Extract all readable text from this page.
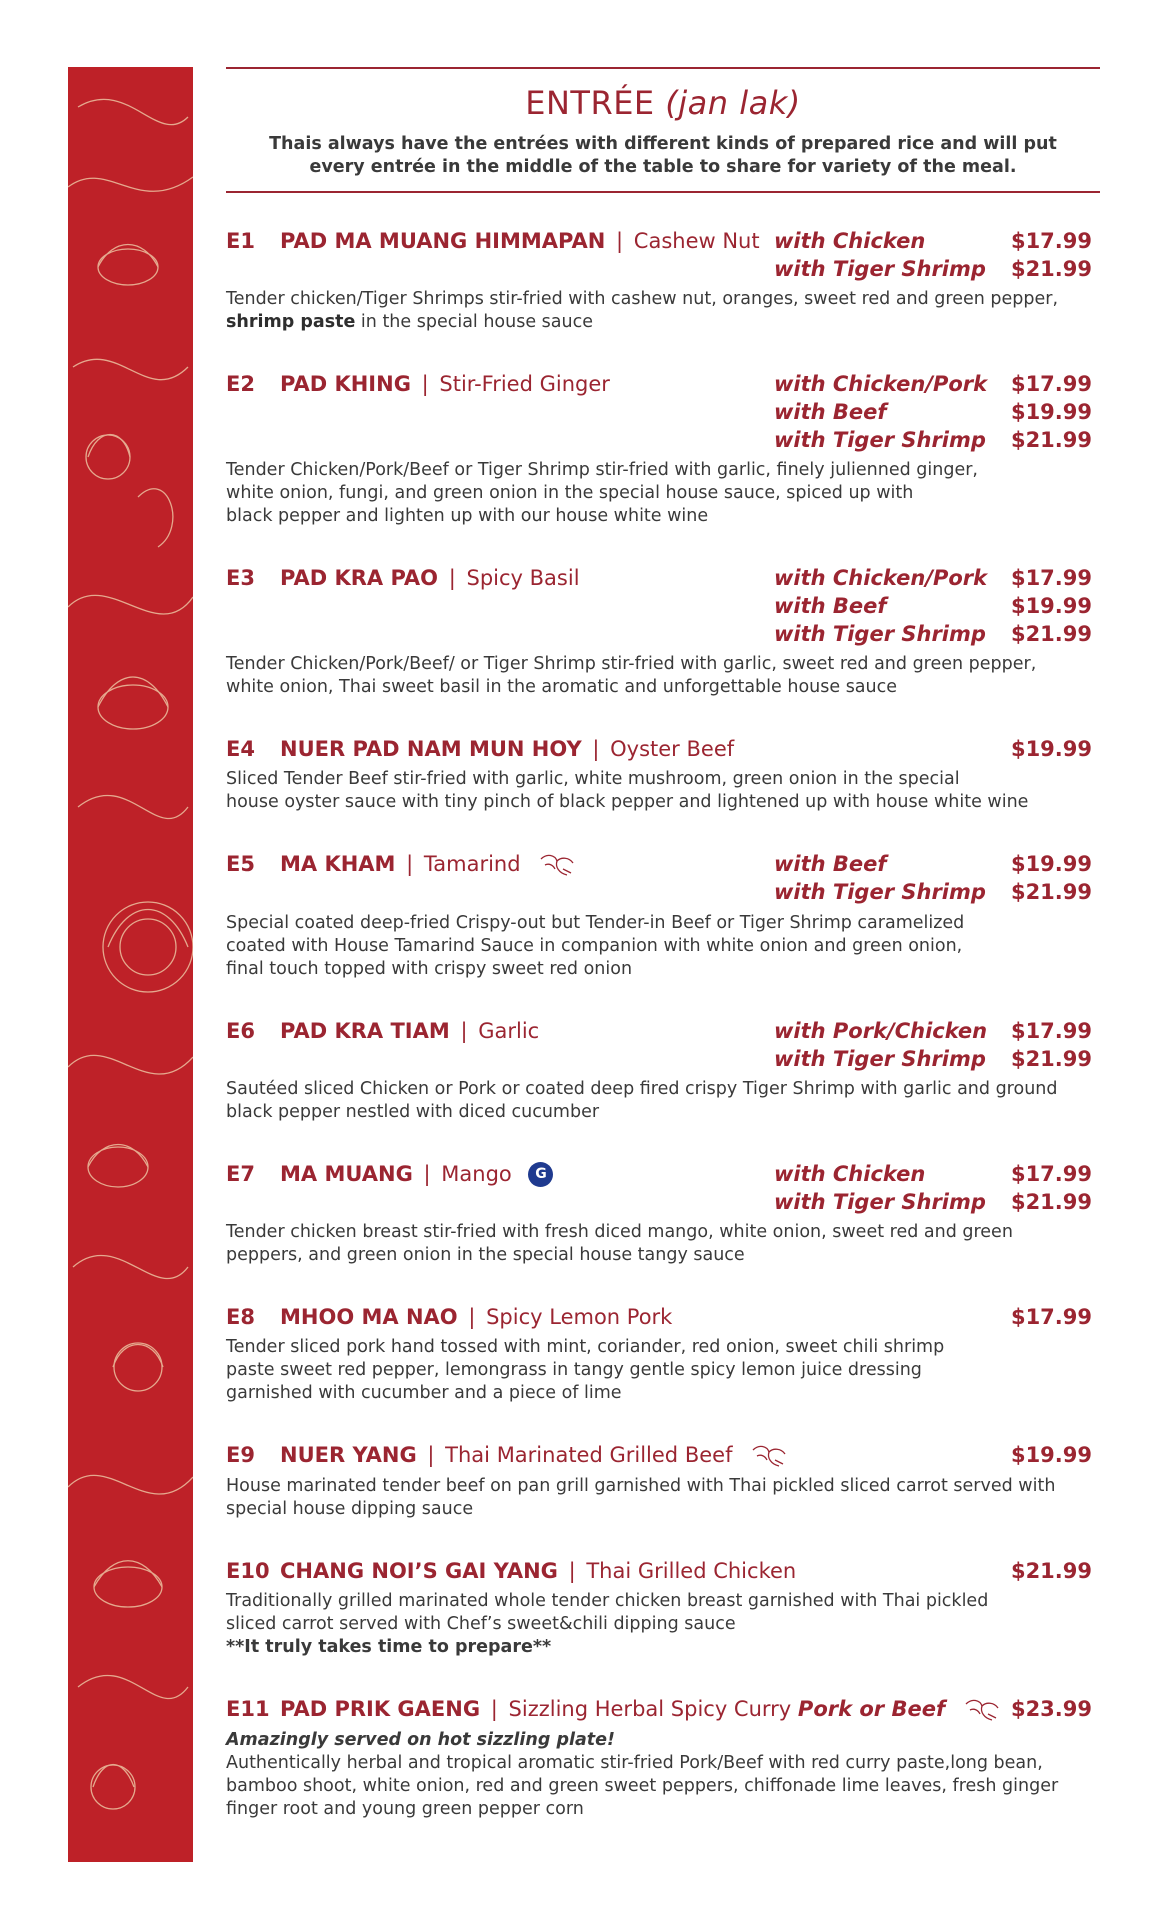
ENTRÉE (jan lak)
Thais always have the entrées with different kinds of prepared rice and will put
every entrée in the middle of the table to share for variety of the meal.
E1	PAD MA MUANG HIMMAPAN | Cashew Nut with Chicken	$17.99
with Tiger Shrimp $21.99
Tender chicken/Tiger Shrimps stir-fried with cashew nut, oranges, sweet red and green pepper,
shrimp paste in the special house sauce
E2	PAD KHING | Stir-Fried Ginger	with Chicken/Pork $17.99
with Beef	$19.99
with Tiger Shrimp $21.99
Tender Chicken/Pork/Beef or Tiger Shrimp stir-fried with garlic, finely julienned ginger,
white onion, fungi, and green onion in the special house sauce, spiced up with
black pepper and lighten up with our house white wine
E3	PAD KRA PAO | Spicy Basil	with Chicken/Pork $17.99
with Beef	$19.99
with Tiger Shrimp $21.99
Tender Chicken/Pork/Beef/ or Tiger Shrimp stir-fried with garlic, sweet red and green pepper,
white onion, Thai sweet basil in the aromatic and unforgettable house sauce
E4	NUER PAD NAM MUN HOY | Oyster Beef	$19.99
Sliced Tender Beef stir-fried with garlic, white mushroom, green onion in the special
house oyster sauce with tiny pinch of black pepper and lightened up with house white wine
E5	MA KHAM | Tamarind	with Beef	$19.99
with Tiger Shrimp $21.99
Special coated deep-fried Crispy-out but Tender-in Beef or Tiger Shrimp caramelized
coated with House Tamarind Sauce in companion with white onion and green onion,
final touch topped with crispy sweet red onion
E6	PAD KRA TIAM | Garlic	with Pork/Chicken $17.99
with Tiger Shrimp $21.99
Sautéed sliced Chicken or Pork or coated deep fired crispy Tiger Shrimp with garlic and ground
black pepper nestled with diced cucumber
E7	MA MUANG | Mango G	with Chicken	$17.99
with Tiger Shrimp $21.99
Tender chicken breast stir-fried with fresh diced mango, white onion, sweet red and green
peppers, and green onion in the special house tangy sauce
E8	MHOO MA NAO | Spicy Lemon Pork	$17.99
Tender sliced pork hand tossed with mint, coriander, red onion, sweet chili shrimp
paste sweet red pepper, lemongrass in tangy gentle spicy lemon juice dressing
garnished with cucumber and a piece of lime
E9	NUER YANG | Thai Marinated Grilled Beef	$19.99
House marinated tender beef on pan grill garnished with Thai pickled sliced carrot served with
special house dipping sauce
E10 CHANG NOI’S GAI YANG | Thai Grilled Chicken	$21.99
Traditionally grilled marinated whole tender chicken breast garnished with Thai pickled
sliced carrot served with Chef’s sweet&chili dipping sauce
**It truly takes time to prepare**
E11 PAD PRIK GAENG | Sizzling Herbal Spicy Curry Pork or Beef	$23.99
Amazingly served on hot sizzling plate!
Authentically herbal and tropical aromatic stir-fried Pork/Beef with red curry paste,long bean,
bamboo shoot, white onion, red and green sweet peppers, chiffonade lime leaves, fresh ginger
finger root and young green pepper corn
